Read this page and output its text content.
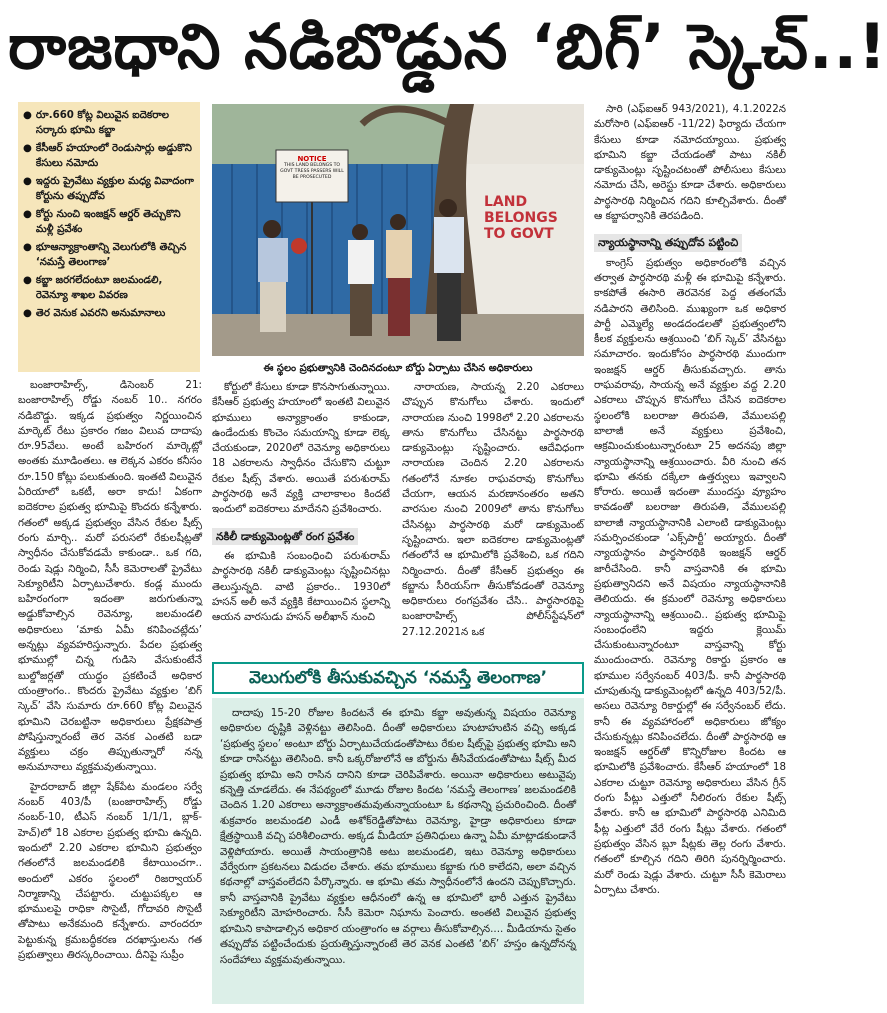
రాజధాని నడిబొడ్డున ‘బిగ్’ స్కెచ్..!
● రూ.660 కోట్ల విలువైన ఐదెకరాల సర్కారు భూమి కబ్జా
● కేసీఆర్ హయాంలో రెండుసార్లు అడ్డుకొని కేసులు నమోదు
● ఇద్దరు ప్రైవేటు వ్యక్తుల మధ్య వివాదంగా కోర్టును తప్పుదోవ
● కోర్టు నుంచి ఇంజక్షన్ ఆర్డర్ తెచ్చుకొని మళ్లీ ప్రవేశం
● భూఆన్యాక్రాంతాన్ని వెలుగులోకి తెచ్చిన ‘నమస్తే తెలంగాణ’
● కబ్జా జరగలేదంటూ జలమండలి, రెవెన్యూ శాఖల వివరణ
● తెర వెనుక ఎవరని అనుమానాలు
NOTICE
THIS LAND BELONGS TO GOVT TRESS PASSERS WILL BE PROSECUTED
LAND BELONGS TO GOVT
ఈ స్థలం ప్రభుత్వానికి చెందినదంటూ బోర్డు ఏర్పాటు చేసిన అధికారులు

బంజారాహిల్స్‌, డిసెంబర్‌ 21: బంజారాహిల్స్‌ రోడ్డు నంబర్‌ 10.. నగరం నడిబొడ్డు. ఇక్కడ ప్రభుత్వం నిర్ణయించిన మార్కెట్‌ రేటు ప్రకారం గజం విలువ దాదాపు రూ.95వేలు. అంటే బహిరంగ మార్కెట్లో అంతకు మూడింతలు. ఆ లెక్కన ఎకరం కనీసం రూ.150 కోట్లు పలుకుతుంది. ఇంతటి విలువైన ఏరియాలో ఒకటీ, అరా కాదు! ఏకంగా ఐదెకరాల ప్రభుత్వ భూమిపై కొందరు కన్నేశారు. గతంలో అక్కడ ప్రభుత్వం వేసిన రేకుల షీట్స్‌ రంగు మార్చి.. మరో పరుసలో రేకులషీట్లతో స్వాధీనం చేసుకోవడమే కాకుండా.. ఒక గది, రెండు షెడ్లు నిర్మించి, సీసీ కెమెరాలతో ప్రైవేటు సెక్యూరిటీని ఏర్పాటుచేశారు. కండ్ల ముందు బహిరంగంగా ఇదంతా జరుగుతున్నా అడ్డుకోవాల్సిన రెవెన్యూ, జలమండలి అధికారులు ‘మాకు ఏమీ కనిపించట్లేదు’ అన్నట్లు వ్యవహరిస్తున్నారు. పేదల ప్రభుత్వ భూముల్లో చిన్న గుడిసె వేసుకుంటేనే బుల్డోజర్లతో యుద్ధం ప్రకటించే అధికార యంత్రాంగం.. కొందరు ప్రైవేటు వ్యక్తుల ‘బిగ్‌ స్కెచ్‌’ వేసి సుమారు రూ.660 కోట్ల విలువైన భూమిని చెరబట్టినా అధికారులు ప్రేక్షకపాత్ర పోషిస్తున్నారంటే తెర వెనక ఎంతటి బడా వ్యక్తులు చక్రం తిప్పుతున్నారో నన్న అనుమానాలు వ్యక్తమవుతున్నాయి.

హైదరాబాద్‌ జిల్లా షేక్‌పేట మండలం సర్వే నంబర్‌ 403/పీ (బంజారాహిల్స్‌ రోడ్డు నంబర్‌-10, టీఎస్‌ నంబర్‌ 1/1/1, బ్లాక్‌-హెచ్‌)లో 18 ఎకరాల ప్రభుత్వ భూమి ఉన్నది. ఇందులో 2.20 ఎకరాల భూమిని ప్రభుత్వం గతంలోనే జలమండలికి కేటాయించగా.. అందులో ఎకరం స్థలంలో రిజర్వాయర్‌ నిర్మాణాన్ని చేపట్టారు. చుట్టుపక్కల ఆ భూములపై రాధికా సొసైటీ, గోదావరి సొసైటీ తోపాటు అనేకమంది కన్నేశారు. వారందరూ పెట్టుకున్న క్రమబద్ధీకరణ దరఖాస్తులను గత ప్రభుత్వాలు తిరస్కరించాయి. దీనిపై సుప్రీం

కోర్టులో కేసులు కూడా కొనసాగుతున్నాయి. కేసీఆర్‌ ప్రభుత్వ హయాంలో ఇంతటి విలువైన భూములు అన్యాక్రాంతం కాకుండా, ఉండేందుకు కొంచెం సమయాన్ని కూడా లెక్క చేయకుండా, 2020లో రెవెన్యూ అధికారులు 18 ఎకరాలను స్వాధీనం చేసుకొని చుట్టూ రేకుల షీట్స్‌ వేశారు. అయితే పరుశురామ్‌ పార్థసారథి అనే వ్యక్తి చాలాకాలం కిందటే ఇందులో ఐదెకరాలు మాదేనని ప్రవేశించారు.

నకిలీ డాక్యుమెంట్లతో రంగ ప్రవేశం

ఈ భూమికి సంబంధించి పరుశురామ్‌ పార్థసారథి నకిలీ డాక్యుమెంట్లు సృష్టించినట్లు తెలుస్తున్నది. వాటి ప్రకారం.. 1930లో హసన్‌ అలీ అనే వ్యక్తికి కేటాయించిన స్థలాన్ని ఆయన వారసుడు హసన్‌ అలీఖాన్‌ నుంచి

నారాయణ, సాయన్న 2.20 ఎకరాలు చొప్పున కొనుగోలు చేశారు. ఇందులో నారాయణ నుంచి 1998లో 2.20 ఎకరాలను తాను కొనుగోలు చేసినట్టు పార్థసారథి డాక్యుమెంట్లు సృష్టించారు. ఆదేవిధంగా నారాయణ చెందిన 2.20 ఎకరాలను గతంలోనే నూకల రాఘవరావు కొనుగోలు చేయగా, ఆయన మరణానంతరం అతని వారసుల నుంచి 2009లో తాను కొనుగోలు చేసినట్లు పార్థసారథి మరో డాక్యుమెంట్‌ సృష్టించారు. ఇలా ఐదెకరాల డాక్యుమెంట్లతో గతంలోనే ఆ భూమిలోకి ప్రవేశించి, ఒక గదిని నిర్మించారు. దీంతో కేసీఆర్‌ ప్రభుత్వం ఈ కబ్జాను సీరియస్‌గా తీసుకోవడంతో రెవెన్యూ అధికారులు రంగప్రవేశం చేసి.. పార్థసారథిపై బంజారాహిల్స్‌ పోలీస్‌స్టేషన్‌లో 27.12.2021న ఒక

సారి (ఎఫ్‌ఐఆర్‌ 943/2021), 4.1.2022న మరోసారి (ఎఫ్‌ఐఆర్‌ -11/22) ఫిర్యాదు చేయగా కేసులు కూడా నమోదయ్యాయి. ప్రభుత్వ భూమిని కబ్జా చేయడంతో పాటు నకిలీ డాక్యుమెంట్లు సృష్టించటంతో పోలీసులు కేసులు నమోదు చేసి, అరెస్టు కూడా చేశారు. అధికారులు పార్థసారథి నిర్మించిన గదిని కూల్చివేశారు. దీంతో ఆ కబ్జాపర్వానికి తెరపడింది.

న్యాయస్థానాన్ని తప్పుదోవ పట్టించి

కాంగ్రెస్‌ ప్రభుత్వం అధికారంలోకి వచ్చిన తర్వాత పార్థసారథి మళ్లీ ఈ భూమిపై కన్నేశారు. కాకపోతే ఈసారి తెరవెనక పెద్ద తతంగమే నడిపారని తెలిసింది. ముఖ్యంగా ఒక అధికార పార్టీ ఎమ్మెల్యే అండదండలతో ప్రభుత్వంలోని కీలక వ్యక్తులను ఆశ్రయించి ‘బిగ్‌ స్కెచ్‌’ వేసినట్టు సమాచారం. ఇందుకోసం పార్థసారథి ముందుగా ఇంజక్షన్‌ ఆర్డర్‌ తీసుకువచ్చారు. తాను రాఘవరావు, సాయన్న అనే వ్యక్తుల వద్ద 2.20 ఎకరాలు చొప్పున కొనుగోలు చేసిన ఐదెకరాల స్థలంలోకి బలరాజు తిరుపతి, వేములపల్లి బాలాజీ అనే వ్యక్తులు ప్రవేశించి, ఆక్రమించుకుంటున్నారంటూ 25 అదనపు జిల్లా న్యాయస్థానాన్ని ఆశ్రయించారు. వీరి నుంచి తన భూమి తనకు దక్కేలా ఉత్తర్వులు ఇవ్వాలని కోరారు. అయితే ఇదంతా ముందస్తు వ్యూహం కావడంతో బలరాజు తిరుపతి, వేములపల్లి బాలాజీ న్యాయస్థానానికి ఎలాంటి డాక్యుమెంట్లు సమర్పించకుండా ‘ఎక్స్‌పార్టీ’ అయ్యారు. దీంతో న్యాయస్థానం పార్థసారథికి ఇంజక్షన్‌ ఆర్డర్‌ జారీచేసింది. కానీ వాస్తవానికి ఈ భూమి ప్రభుత్వానిదని అనే విషయం న్యాయస్థానానికి తెలియదు. ఈ క్రమంలో రెవెన్యూ అధికారులు న్యాయస్థానాన్ని ఆశ్రయించి.. ప్రభుత్వ భూమిపై సంబంధంలేని ఇద్దరు క్లెయిమ్‌ చేసుకుంటున్నారంటూ వాస్తవాన్ని కోర్టు ముందుంచారు. రెవెన్యూ రికార్డు ప్రకారం ఆ భూముల సర్వేనంబర్‌ 403/పీ. కానీ పార్థసారథి చూపుతున్న డాక్యుమెంట్లలో ఉన్నది 403/52/పీ. అసలు రెవెన్యూ రికార్డుల్లో ఈ సర్వేనంబర్‌ లేదు. కానీ ఈ వ్యవహారంలో అధికారులు జోక్యం చేసుకున్నట్లు కనిపించలేదు. దీంతో పార్థసారథి ఆ ఇంజక్షన్‌ ఆర్డర్‌తో కొన్నిరోజుల కిందట ఆ భూమిలోకి ప్రవేశించారు. కేసీఆర్‌ హయాంలో 18 ఎకరాల చుట్టూ రెవెన్యూ అధికారులు వేసిన గ్రీన్‌ రంగు పీట్లు ఎత్తులో నీలిరంగు రేకుల షీట్స్‌ వేశారు. కానీ ఆ భూమిలో పార్థసారథి ఎనిమిది ఫీట్ల ఎత్తులో వేరే రంగు షీట్లు వేశారు. గతంలో ప్రభుత్వం వేసిన బ్లూ షీట్లకు తెల్ల రంగు వేశారు. గతంలో కూల్చిన గదిని తిరిగి పునర్నిర్మించారు. మరో రెండు షెడ్లు వేశారు. చుట్టూ సీసీ కెమెరాలు ఏర్పాటు చేశారు.

వెలుగులోకి తీసుకువచ్చిన ‘నమస్తే తెలంగాణ’

దాదాపు 15-20 రోజుల కిందటనే ఈ భూమి కబ్జా అవుతున్న విషయం రెవెన్యూ అధికారుల దృష్టికి వెళ్లినట్టు తెలిసింది. దీంతో అధికారులు హుటాహుటిన వచ్చి అక్కడ ‘ప్రభుత్వ స్థలం’ అంటూ బోర్డు ఏర్పాటుచేయడంతోపాటు రేకుల షీట్స్‌పై ప్రభుత్వ భూమి అని కూడా రాసినట్టు తెలిసింది. కానీ ఒక్కరోజులోనే ఆ బోర్డును తీసివేయడంతోపాటు షీట్స్‌ మీద ప్రభుత్వ భూమి అని రాసిన దానిని కూడా చెరిపివేశారు. అయినా అధికారులు అటువైపు కన్నెత్తి చూడలేదు. ఈ నేపథ్యంలో మూడు రోజుల కిందట ‘నమస్తే తెలంగాణ’ జలమండలికి చెందిన 1.20 ఎకరాలు అన్యాక్రాంతమవుతున్నాయంటూ ఓ కథనాన్ని ప్రచురించింది. దీంతో శుక్రవారం జలమండలి ఎండీ అశోక్‌రెడ్డితోపాటు రెవెన్యూ, హైడ్రా అధికారులు కూడా క్షేత్రస్థాయికి వచ్చి పరిశీలించారు. అక్కడ మీడియా ప్రతినిధులు ఉన్నా ఏమీ మాట్లాడకుండానే వెళ్లిపోయారు. అయితే సాయంత్రానికి అటు జలమండలి, ఇటు రెవెన్యూ అధికారులు వేర్వేరుగా ప్రకటనలు విడుదల చేశారు. తమ భూములు కబ్జాకు గురి కాలేదని, అలా వచ్చిన కథనాల్లో వాస్తవంలేదని పేర్కొన్నారు. ఆ భూమి తమ స్వాధీనంలోనే ఉందని చెప్పుకొచ్చారు. కానీ వాస్తవానికి ప్రైవేటు వ్యక్తుల ఆధీనంలో ఉన్న ఆ భూమిలో భారీ ఎత్తున ప్రైవేటు సెక్యూరిటీని మోహరించారు. సీసీ కెమెరా నిఘాను పెంచారు. అంతటి విలువైన ప్రభుత్వ భూమిని కాపాడాల్సిన అధికార యంత్రాంగం ఆ వర్గాలు తీసుకోవాల్సిన.... మీడియాను సైతం తప్పుదోవ పట్టించేందుకు ప్రయత్నిస్తున్నారంటే తెర వెనక ఎంతటి ‘బిగ్‌’ హస్తం ఉన్నదోనన్న సందేహాలు వ్యక్తమవుతున్నాయి.
